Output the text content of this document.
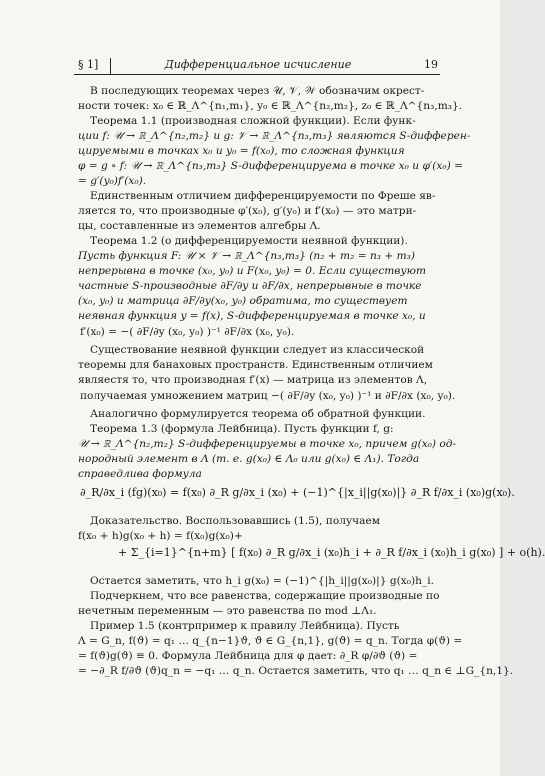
§ 1]	Дифференциальное исчисление	19
В последующих теоремах через 𝒰, 𝒱, 𝒲 обозначим окрест-
ности точек: x₀ ∈ ℝ_Λ^{n₁,m₁}, y₀ ∈ ℝ_Λ^{n₂,m₂}, z₀ ∈ ℝ_Λ^{n₃,m₃}.
Теорема 1.1 (производная сложной функции). Если функ-
ции f: 𝒰 → ℝ_Λ^{n₂,m₂} и g: 𝒱 → ℝ_Λ^{n₃,m₃} являются S-дифферен-
цируемыми в точках x₀ и y₀ = f(x₀), то сложная функция
φ = g ∘ f: 𝒰 → ℝ_Λ^{n₃,m₃} S-дифференцируема в точке x₀ и φ′(x₀) =
= g′(y₀)f′(x₀).
Единственным отличием дифференцируемости по Фреше яв-
ляется то, что производные φ′(x₀), g′(y₀) и f′(x₀) — это матри-
цы, составленные из элементов алгебры Λ.
Теорема 1.2 (о дифференцируемости неявной функции).
Пусть функция F: 𝒰 × 𝒱 → ℝ_Λ^{n₃,m₃} (n₂ + m₂ = n₃ + m₃)
непрерывна в точке (x₀, y₀) и F(x₀, y₀) = 0. Если существуют
частные S-производные ∂F/∂y и ∂F/∂x, непрерывные в точке
(x₀, y₀) и матрица ∂F/∂y(x₀, y₀) обратима, то существует
неявная функция y = f(x), S-дифференцируемая в точке x₀, и
f′(x₀) = −( ∂F/∂y (x₀, y₀) )⁻¹ ∂F/∂x (x₀, y₀).
Существование неявной функции следует из классической
теоремы для банаховых пространств. Единственным отличием
являестя то, что производная f′(x) — матрица из элементов Λ,
получаемая умножением матриц −( ∂F/∂y (x₀, y₀) )⁻¹ и ∂F/∂x (x₀, y₀).
Аналогично формулируется теорема об обратной функции.
Теорема 1.3 (формула Лейбница). Пусть функции f, g:
𝒰 → ℝ_Λ^{n₂,m₂} S-дифференцируемы в точке x₀, причем g(x₀) од-
нородный элемент в Λ (т. е. g(x₀) ∈ Λ₀ или g(x₀) ∈ Λ₁). Тогда
справедлива формула
∂_R/∂x_i (fg)(x₀) = f(x₀) ∂_R g/∂x_i (x₀) + (−1)^{|x_i||g(x₀)|} ∂_R f/∂x_i (x₀)g(x₀).
Доказательство. Воспользовавшись (1.5), получаем
f(x₀ + h)g(x₀ + h) = f(x₀)g(x₀)+
+ Σ_{i=1}^{n+m} [ f(x₀) ∂_R g/∂x_i (x₀)h_i + ∂_R f/∂x_i (x₀)h_i g(x₀) ] + o(h).
Остается заметить, что h_i g(x₀) = (−1)^{|h_i||g(x₀)|} g(x₀)h_i.
Подчеркнем, что все равенства, содержащие производные по
нечетным переменным — это равенства по mod ⊥Λ₁.
Пример 1.5 (контрпример к правилу Лейбница). Пусть
Λ = G_n, f(ϑ) = q₁ … q_{n−1}ϑ, ϑ ∈ G_{n,1}, g(ϑ) = q_n. Тогда φ(ϑ) =
= f(ϑ)g(ϑ) ≡ 0. Формула Лейбница для φ дает: ∂_R φ/∂ϑ (ϑ) =
= −∂_R f/∂ϑ (ϑ)q_n = −q₁ … q_n. Остается заметить, что q₁ … q_n ∈ ⊥G_{n,1}.
